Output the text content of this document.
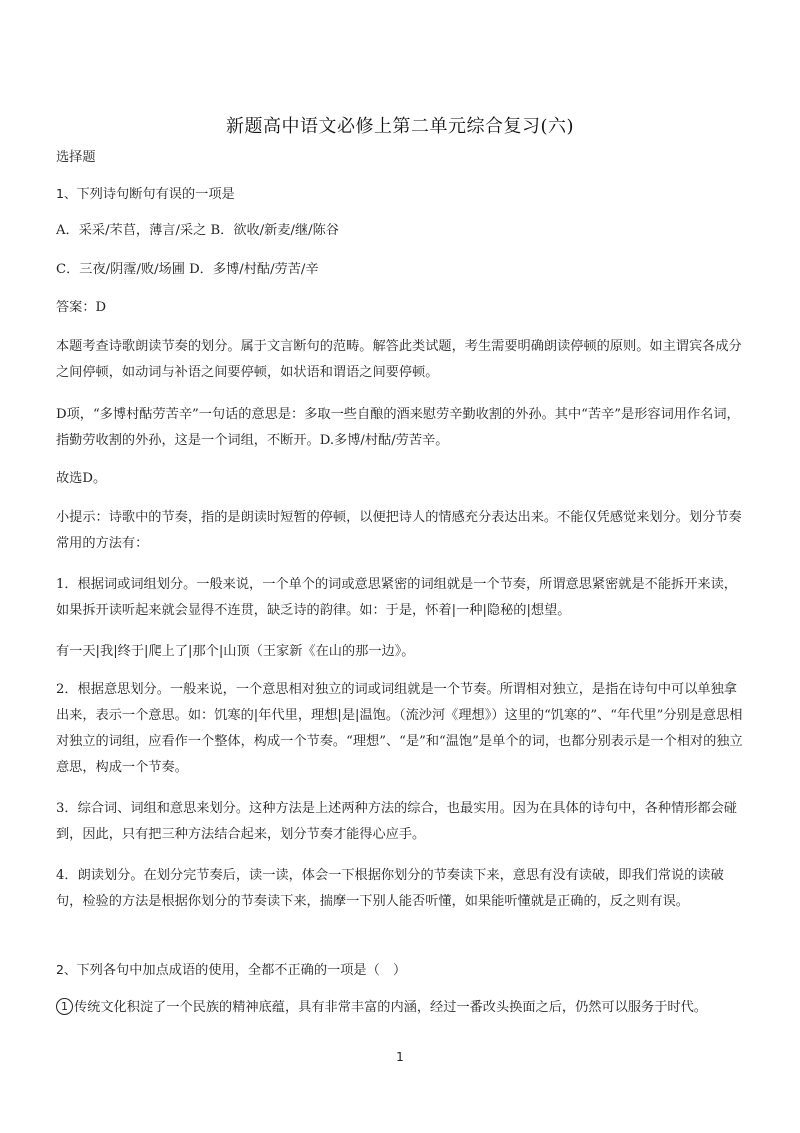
新题高中语文必修上第二单元综合复习(六)
选择题
1、下列诗句断句有误的一项是
A．采采/芣苢，薄言/采之 B．欲收/新麦/继/陈谷
C．三夜/阴霪/败/场圃 D．多博/村酤/劳苦/辛
答案：D
本题考查诗歌朗读节奏的划分。属于文言断句的范畴。解答此类试题，考生需要明确朗读停顿的原则。如主谓宾各成分之间停顿，如动词与补语之间要停顿，如状语和谓语之间要停顿。
D项，“多博村酤劳苦辛”一句话的意思是：多取一些自酿的酒来慰劳辛勤收割的外孙。其中“苦辛”是形容词用作名词，指勤劳收割的外孙，这是一个词组，不断开。D.多博/村酤/劳苦辛。
故选D。
小提示：诗歌中的节奏，指的是朗读时短暂的停顿，以便把诗人的情感充分表达出来。不能仅凭感觉来划分。划分节奏常用的方法有：
1．根据词或词组划分。一般来说，一个单个的词或意思紧密的词组就是一个节奏，所谓意思紧密就是不能拆开来读，如果拆开读听起来就会显得不连贯，缺乏诗的韵律。如：于是，怀着|一种|隐秘的|想望。
有一天|我|终于|爬上了|那个|山顶（王家新《在山的那一边》。
2．根据意思划分。一般来说，一个意思相对独立的词或词组就是一个节奏。所谓相对独立，是指在诗句中可以单独拿出来，表示一个意思。如：饥寒的|年代里，理想|是|温饱。（流沙河《理想》）这里的“饥寒的”、“年代里”分别是意思相对独立的词组，应看作一个整体，构成一个节奏。“理想”、“是”和“温饱”是单个的词，也都分别表示是一个相对的独立意思，构成一个节奏。
3．综合词、词组和意思来划分。这种方法是上述两种方法的综合，也最实用。因为在具体的诗句中，各种情形都会碰到，因此，只有把三种方法结合起来，划分节奏才能得心应手。
4．朗读划分。在划分完节奏后，读一读，体会一下根据你划分的节奏读下来，意思有没有读破，即我们常说的读破句，检验的方法是根据你划分的节奏读下来，揣摩一下别人能否听懂，如果能听懂就是正确的，反之则有误。
2、下列各句中加点成语的使用，全都不正确的一项是（　）
1 传统文化积淀了一个民族的精神底蕴，具有非常丰富的内涵，经过一番改头换面之后，仍然可以服务于时代。
1
